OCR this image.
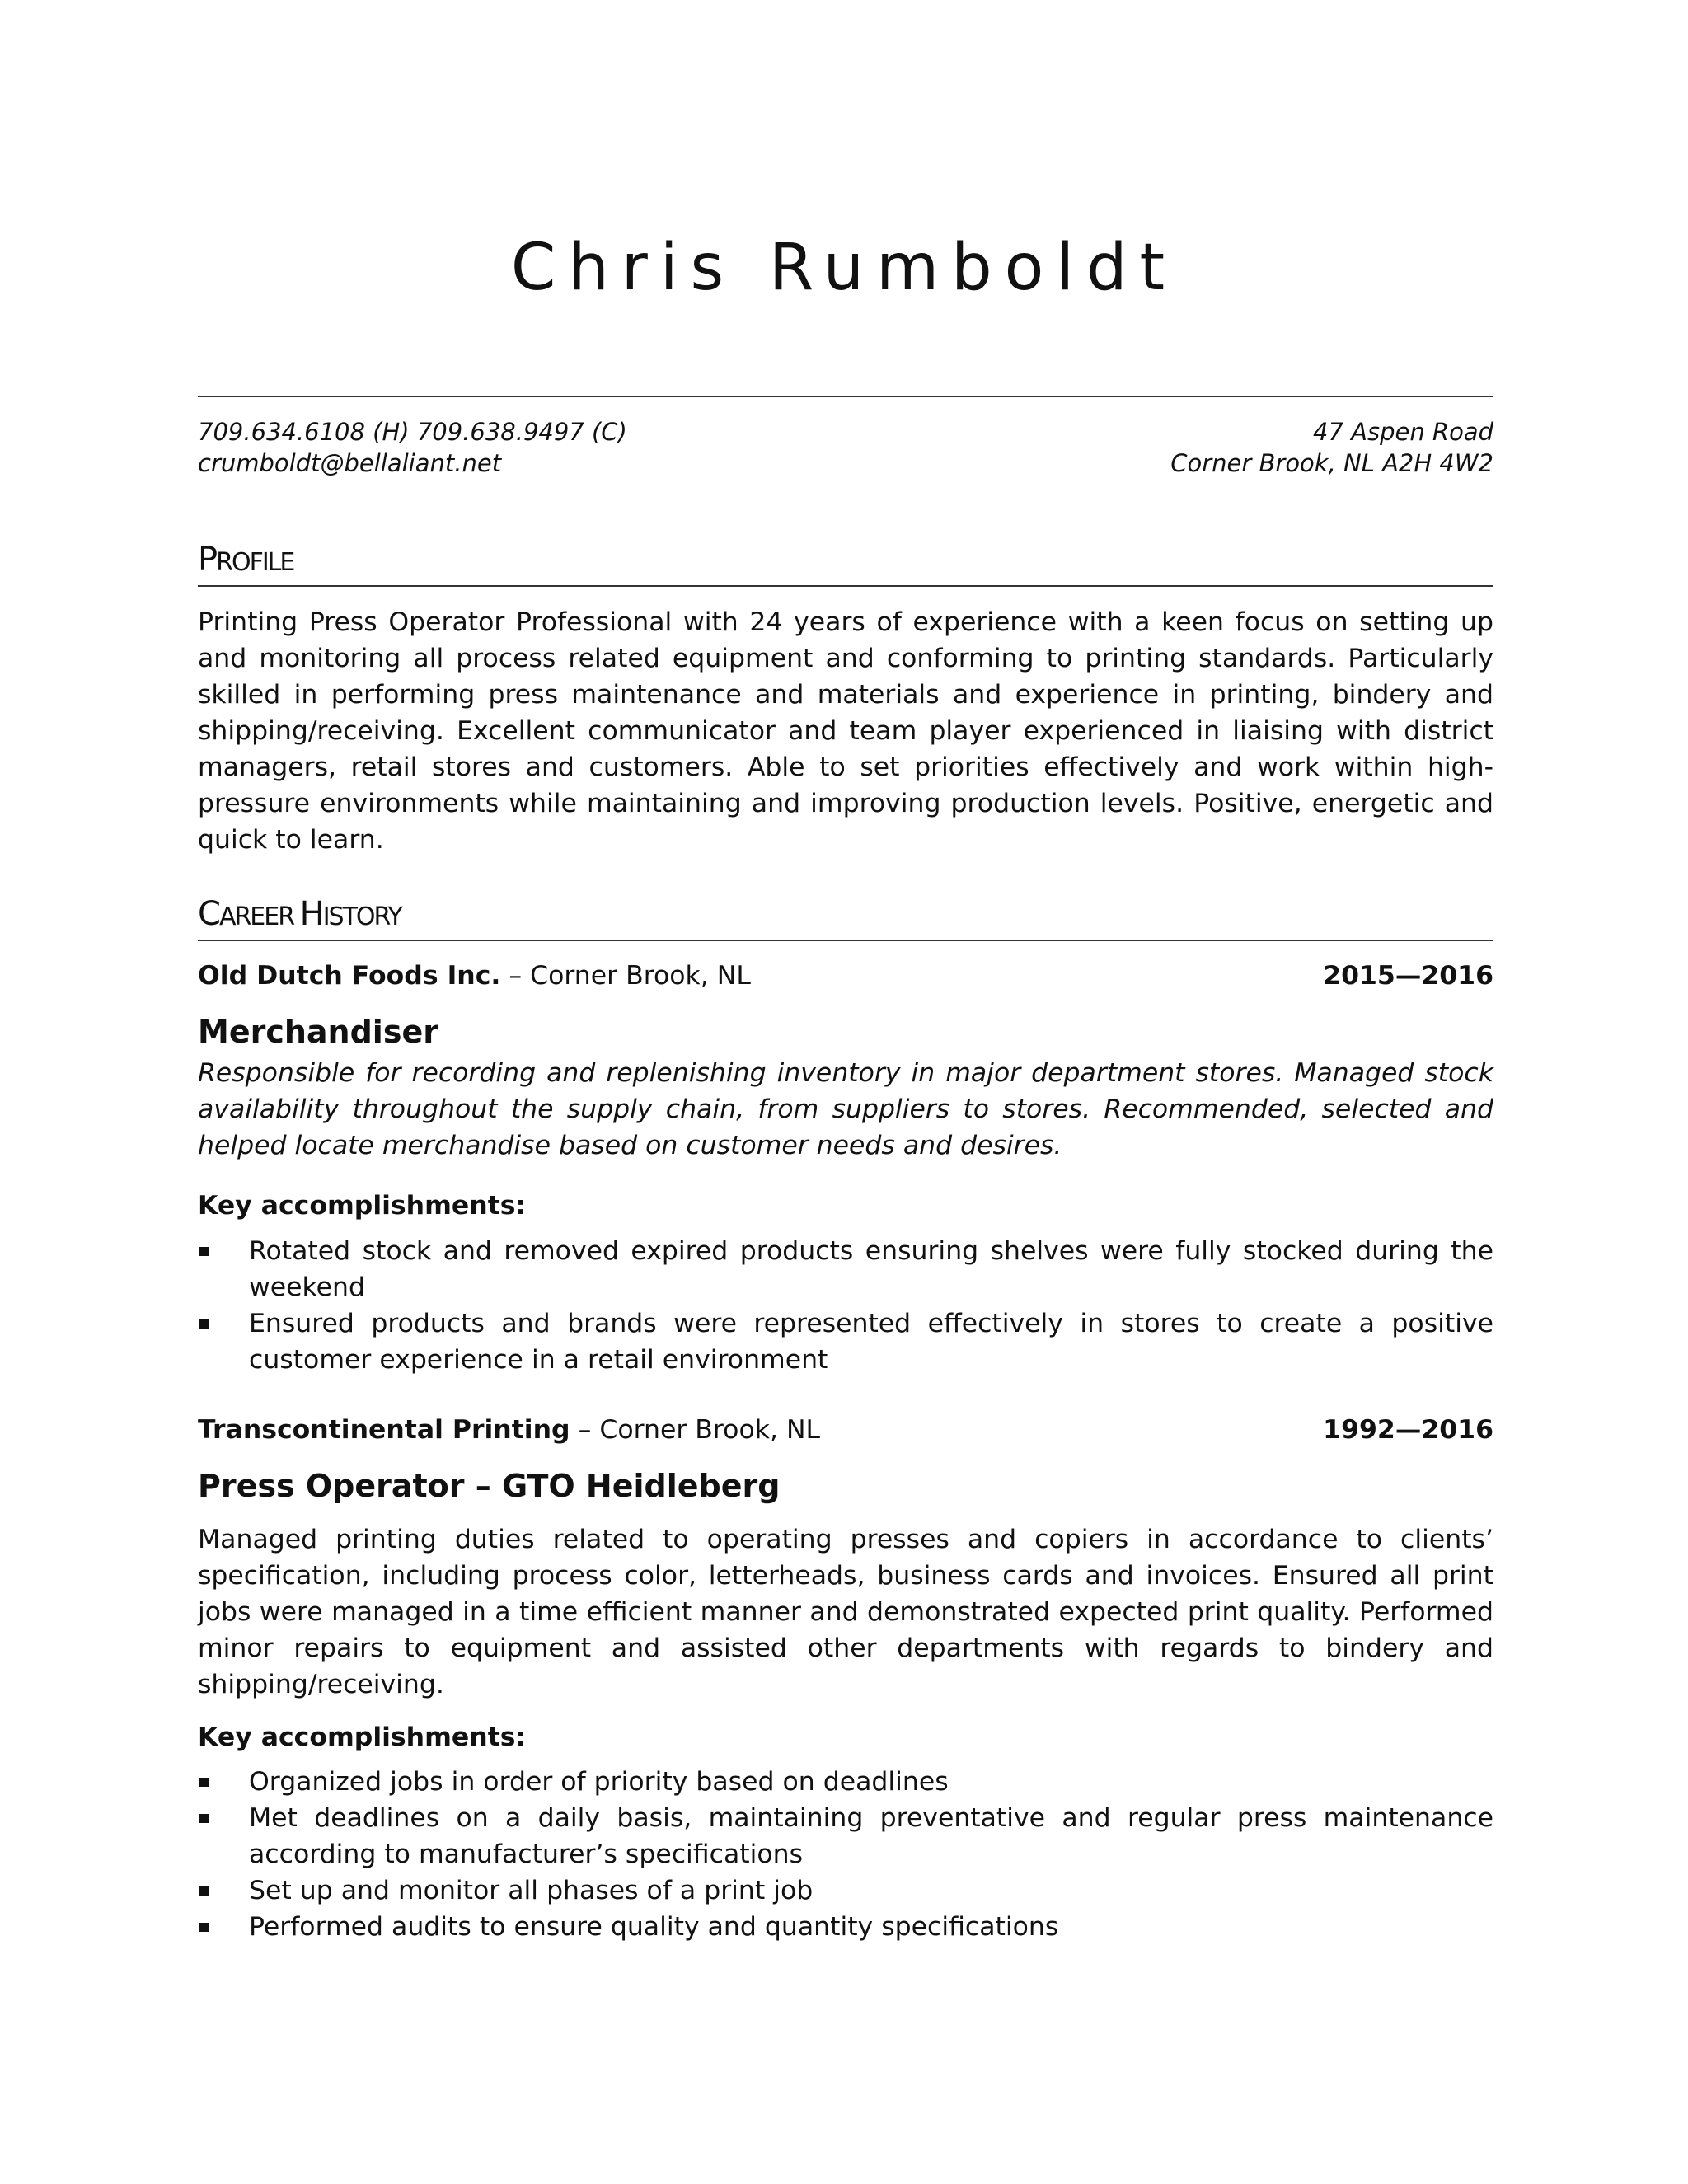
Chris Rumboldt
709.634.6108 (H) 709.638.9497 (C)
crumboldt@bellaliant.net
47 Aspen Road
Corner Brook, NL A2H 4W2
PROFILE
Printing Press Operator Professional with 24 years of experience with a keen focus on setting up and monitoring all process related equipment and conforming to printing standards. Particularly skilled in performing press maintenance and materials and experience in printing, bindery and shipping/receiving. Excellent communicator and team player experienced in liaising with district managers, retail stores and customers. Able to set priorities effectively and work within high-pressure environments while maintaining and improving production levels. Positive, energetic and quick to learn.
CAREER HISTORY
Old Dutch Foods Inc. – Corner Brook, NL	2015—2016
Merchandiser
Responsible for recording and replenishing inventory in major department stores. Managed stock availability throughout the supply chain, from suppliers to stores. Recommended, selected and helped locate merchandise based on customer needs and desires.
Key accomplishments:
Rotated stock and removed expired products ensuring shelves were fully stocked during the weekend
Ensured products and brands were represented effectively in stores to create a positive customer experience in a retail environment
Transcontinental Printing – Corner Brook, NL	1992—2016
Press Operator – GTO Heidleberg
Managed printing duties related to operating presses and copiers in accordance to clients’ specification, including process color, letterheads, business cards and invoices. Ensured all print jobs were managed in a time efficient manner and demonstrated expected print quality. Performed minor repairs to equipment and assisted other departments with regards to bindery and shipping/receiving.
Key accomplishments:
Organized jobs in order of priority based on deadlines
Met deadlines on a daily basis, maintaining preventative and regular press maintenance according to manufacturer’s specifications
Set up and monitor all phases of a print job
Performed audits to ensure quality and quantity specifications
